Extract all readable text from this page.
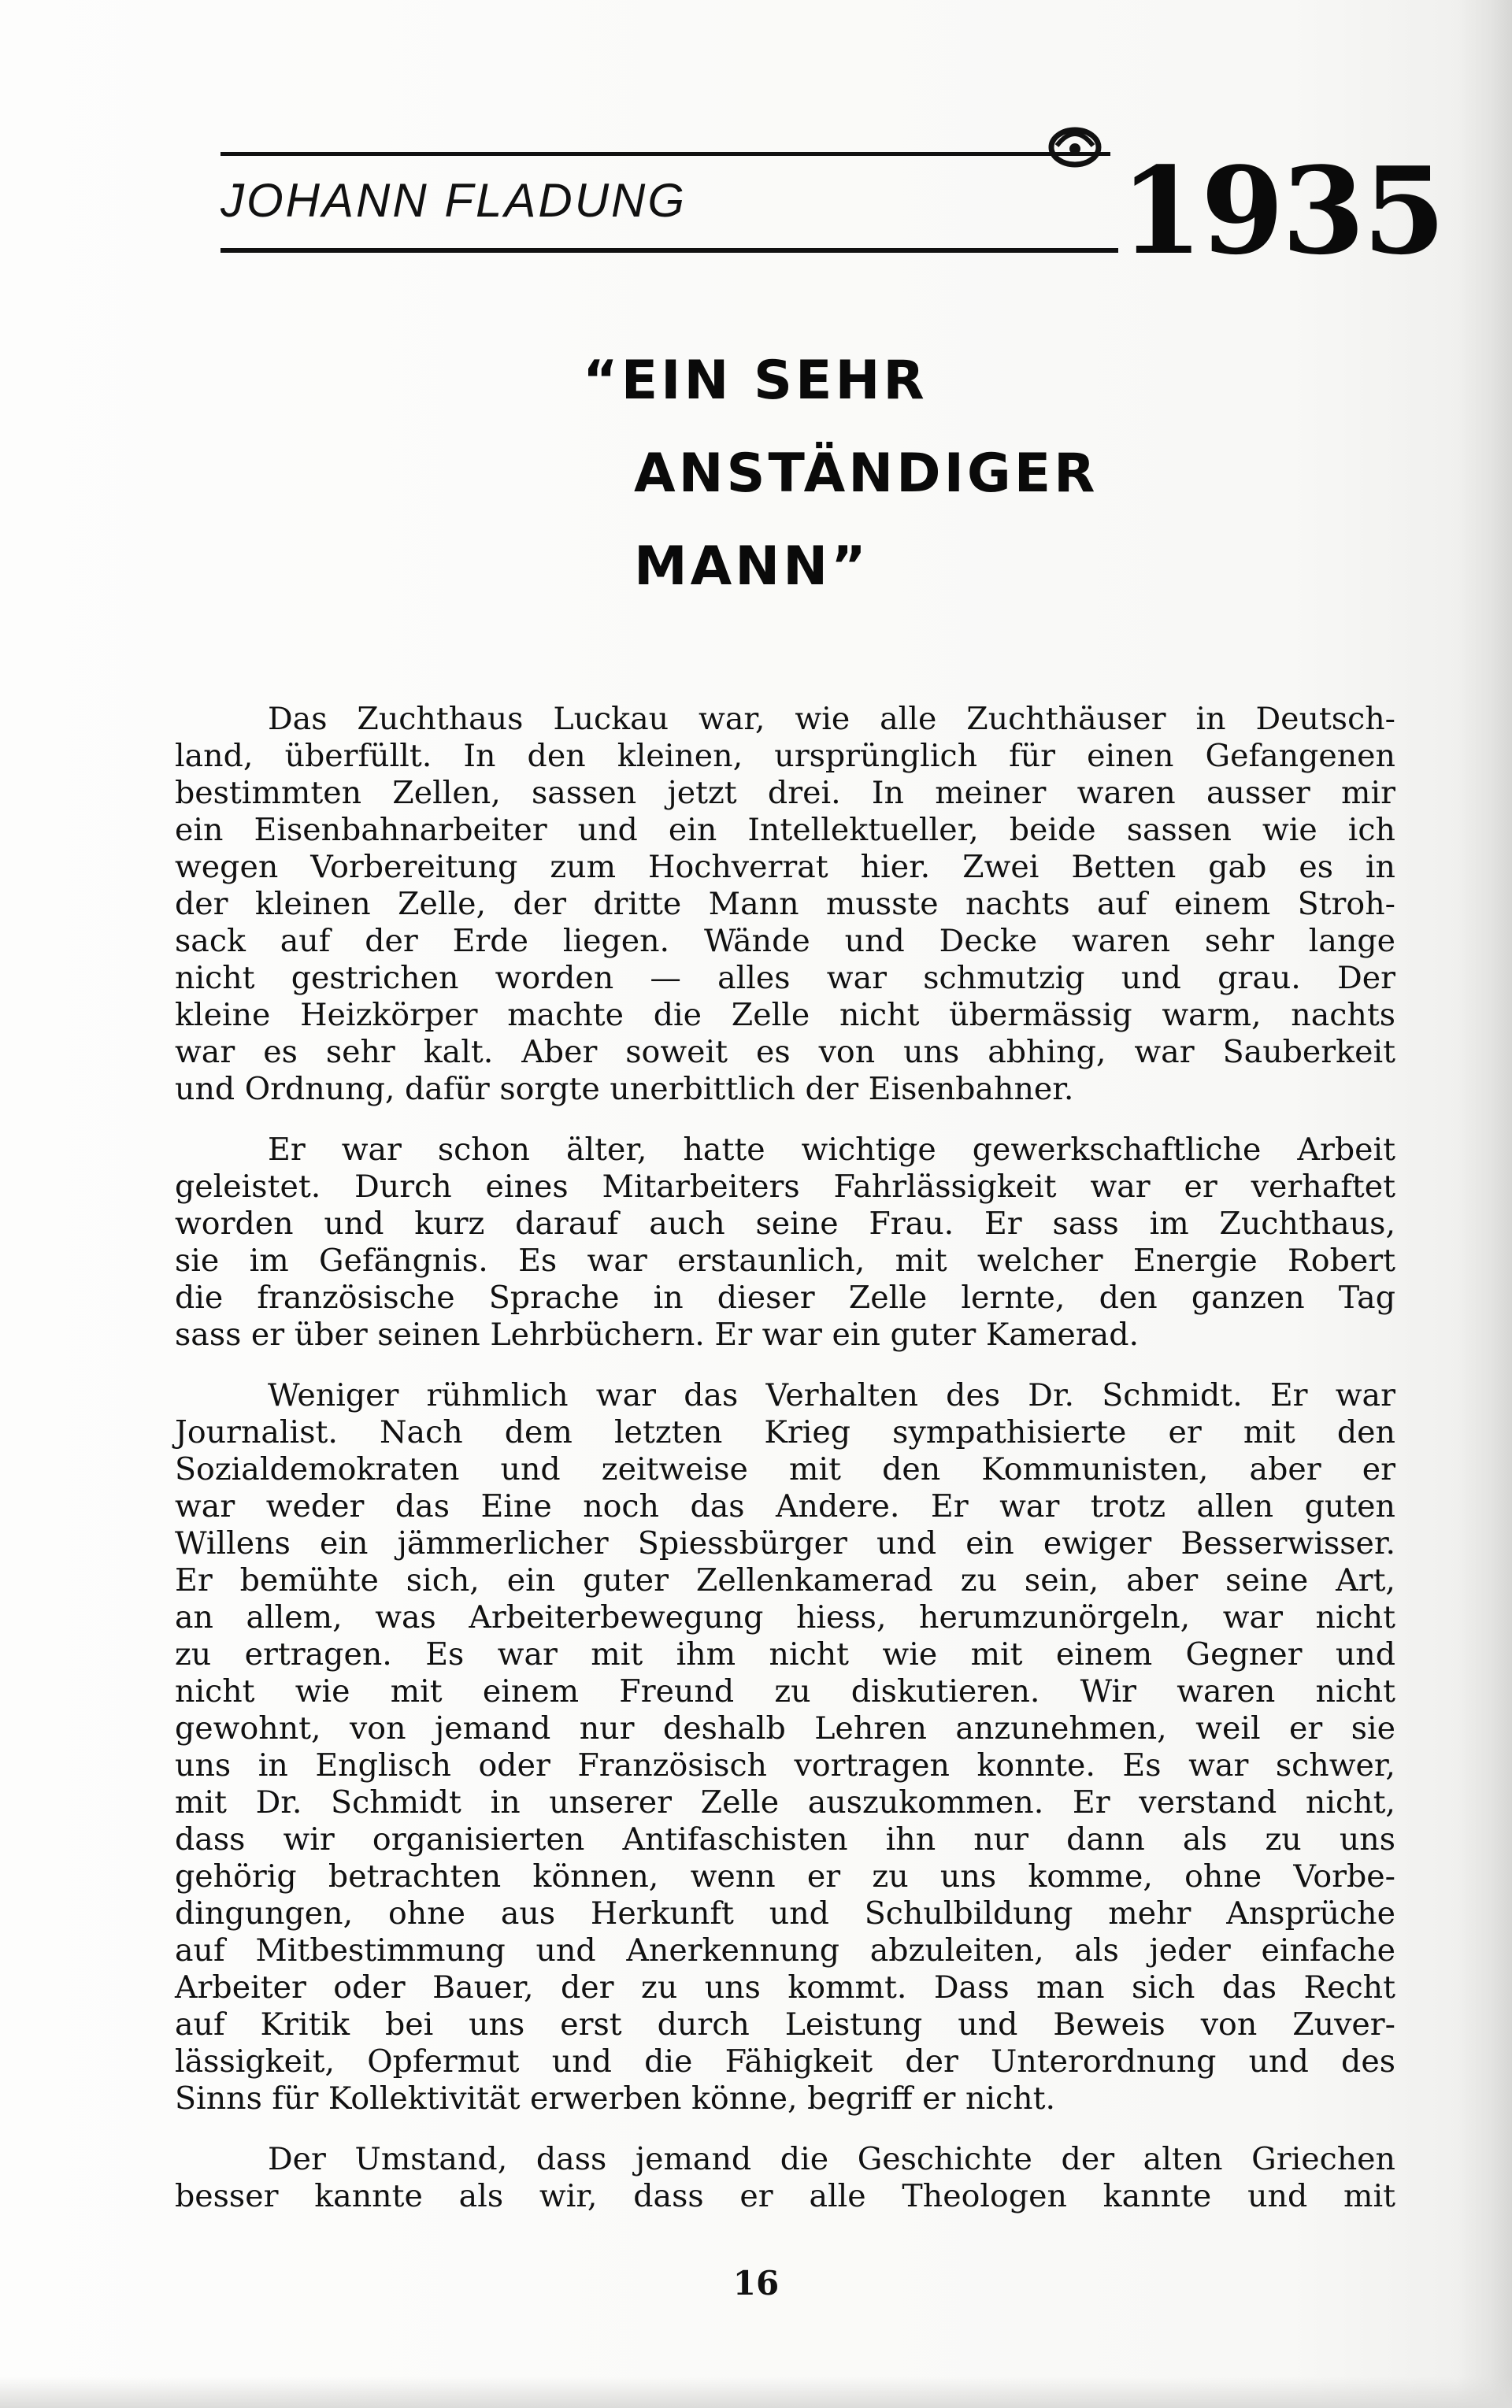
JOHANN FLADUNG	1935
“EIN SEHR
ANSTÄNDIGER
MANN”
Das Zuchthaus Luckau war, wie alle Zuchthäuser in Deutsch-
land, überfüllt. In den kleinen, ursprünglich für einen Gefangenen
bestimmten Zellen, sassen jetzt drei. In meiner waren ausser mir
ein Eisenbahnarbeiter und ein Intellektueller, beide sassen wie ich
wegen Vorbereitung zum Hochverrat hier. Zwei Betten gab es in
der kleinen Zelle, der dritte Mann musste nachts auf einem Stroh-
sack auf der Erde liegen. Wände und Decke waren sehr lange
nicht gestrichen worden — alles war schmutzig und grau. Der
kleine Heizkörper machte die Zelle nicht übermässig warm, nachts
war es sehr kalt. Aber soweit es von uns abhing, war Sauberkeit
und Ordnung, dafür sorgte unerbittlich der Eisenbahner.
Er war schon älter, hatte wichtige gewerkschaftliche Arbeit
geleistet. Durch eines Mitarbeiters Fahrlässigkeit war er verhaftet
worden und kurz darauf auch seine Frau. Er sass im Zuchthaus,
sie im Gefängnis. Es war erstaunlich, mit welcher Energie Robert
die französische Sprache in dieser Zelle lernte, den ganzen Tag
sass er über seinen Lehrbüchern. Er war ein guter Kamerad.
Weniger rühmlich war das Verhalten des Dr. Schmidt. Er war
Journalist. Nach dem letzten Krieg sympathisierte er mit den
Sozialdemokraten und zeitweise mit den Kommunisten, aber er
war weder das Eine noch das Andere. Er war trotz allen guten
Willens ein jämmerlicher Spiessbürger und ein ewiger Besserwisser.
Er bemühte sich, ein guter Zellenkamerad zu sein, aber seine Art,
an allem, was Arbeiterbewegung hiess, herumzunörgeln, war nicht
zu ertragen. Es war mit ihm nicht wie mit einem Gegner und
nicht wie mit einem Freund zu diskutieren. Wir waren nicht
gewohnt, von jemand nur deshalb Lehren anzunehmen, weil er sie
uns in Englisch oder Französisch vortragen konnte. Es war schwer,
mit Dr. Schmidt in unserer Zelle auszukommen. Er verstand nicht,
dass wir organisierten Antifaschisten ihn nur dann als zu uns
gehörig betrachten können, wenn er zu uns komme, ohne Vorbe-
dingungen, ohne aus Herkunft und Schulbildung mehr Ansprüche
auf Mitbestimmung und Anerkennung abzuleiten, als jeder einfache
Arbeiter oder Bauer, der zu uns kommt. Dass man sich das Recht
auf Kritik bei uns erst durch Leistung und Beweis von Zuver-
lässigkeit, Opfermut und die Fähigkeit der Unterordnung und des
Sinns für Kollektivität erwerben könne, begriff er nicht.
Der Umstand, dass jemand die Geschichte der alten Griechen
besser kannte als wir, dass er alle Theologen kannte und mit
16
